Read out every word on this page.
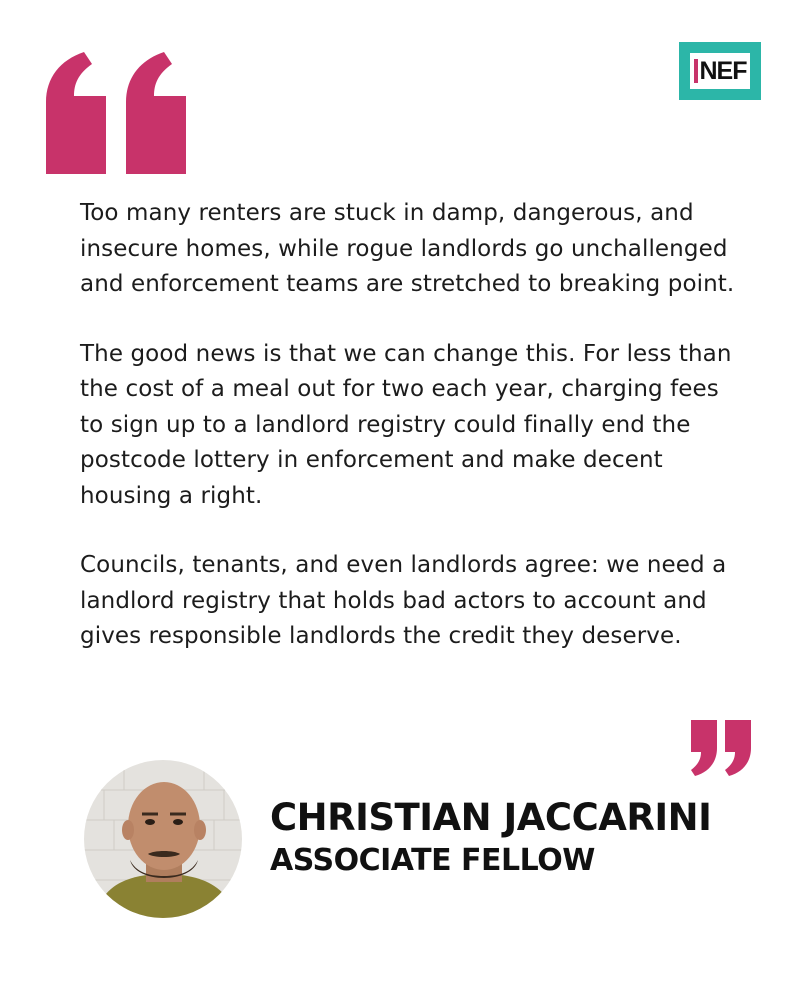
NEF

Too many renters are stuck in damp, dangerous, and insecure homes, while rogue landlords go unchallenged and enforcement teams are stretched to breaking point.

The good news is that we can change this. For less than the cost of a meal out for two each year, charging fees to sign up to a landlord registry could finally end the postcode lottery in enforcement and make decent housing a right.

Councils, tenants, and even landlords agree: we need a landlord registry that holds bad actors to account and gives responsible landlords the credit they deserve.

CHRISTIAN JACCARINI
ASSOCIATE FELLOW
